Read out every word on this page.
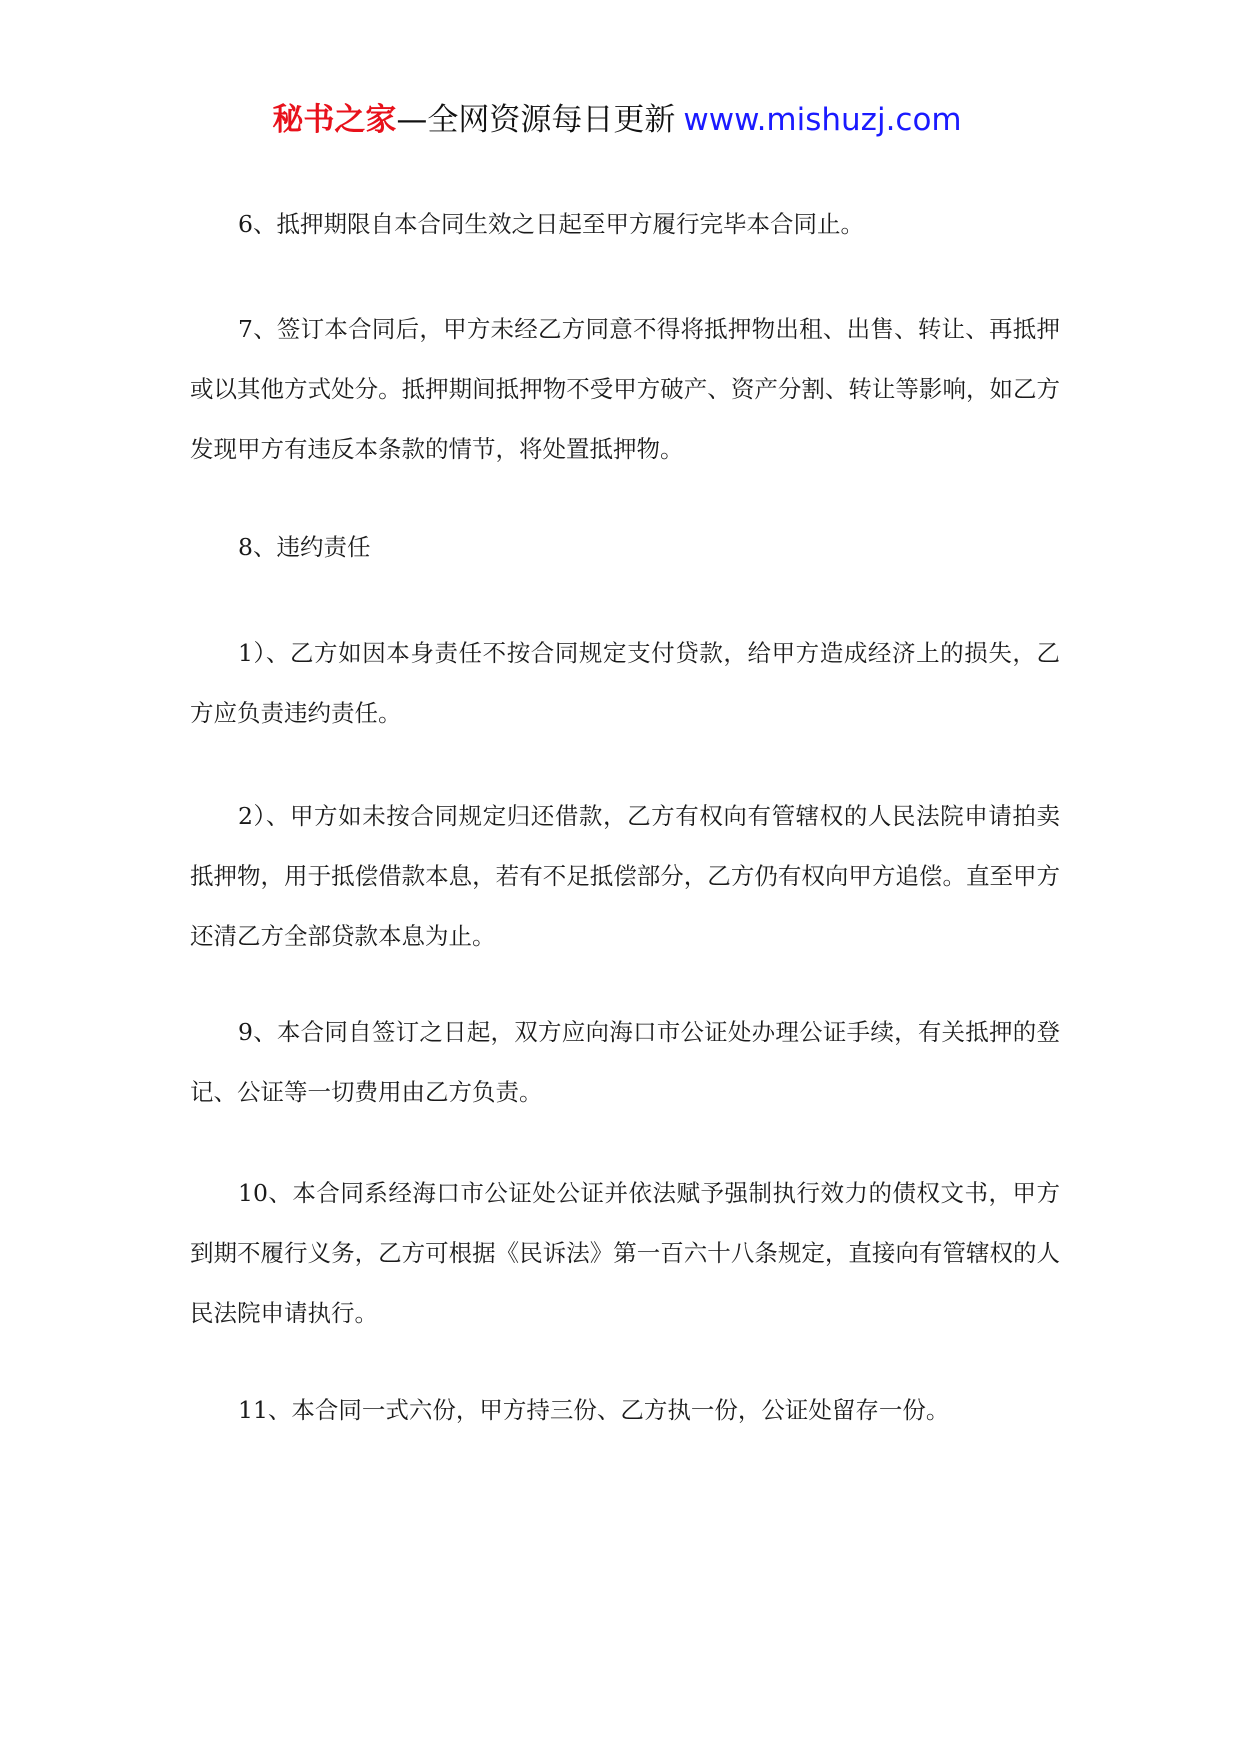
秘书之家—全网资源每日更新 www.mishuzj.com

6、抵押期限自本合同生效之日起至甲方履行完毕本合同止。

7、签订本合同后，甲方未经乙方同意不得将抵押物出租、出售、转让、再抵押或以其他方式处分。抵押期间抵押物不受甲方破产、资产分割、转让等影响，如乙方发现甲方有违反本条款的情节，将处置抵押物。

8、违约责任

1）、乙方如因本身责任不按合同规定支付贷款，给甲方造成经济上的损失，乙方应负责违约责任。

2）、甲方如未按合同规定归还借款，乙方有权向有管辖权的人民法院申请拍卖抵押物，用于抵偿借款本息，若有不足抵偿部分，乙方仍有权向甲方追偿。直至甲方还清乙方全部贷款本息为止。

9、本合同自签订之日起，双方应向海口市公证处办理公证手续，有关抵押的登记、公证等一切费用由乙方负责。

10、本合同系经海口市公证处公证并依法赋予强制执行效力的债权文书，甲方到期不履行义务，乙方可根据《民诉法》第一百六十八条规定，直接向有管辖权的人民法院申请执行。

11、本合同一式六份，甲方持三份、乙方执一份，公证处留存一份。
